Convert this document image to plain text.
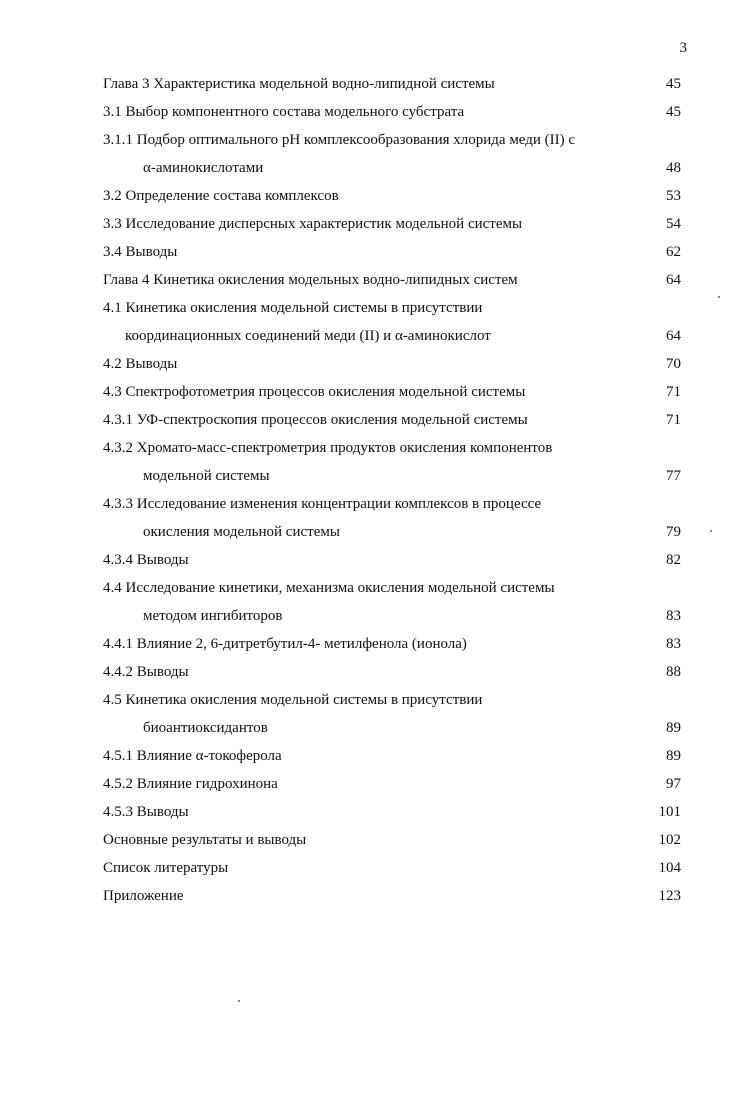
3
Глава 3 Характеристика модельной водно-липидной системы	45
3.1 Выбор компонентного состава модельного субстрата	45
3.1.1 Подбор оптимального pH комплексообразования хлорида меди (II) с
α-аминокислотами	48
3.2 Определение состава комплексов	53
3.3 Исследование дисперсных характеристик модельной системы	54
3.4 Выводы	62
Глава 4 Кинетика окисления модельных водно-липидных систем	64
4.1 Кинетика окисления модельной системы в присутствии
координационных соединений меди (II) и α-аминокислот	64
4.2 Выводы	70
4.3 Спектрофотометрия процессов окисления модельной системы	71
4.3.1 УФ-спектроскопия процессов окисления модельной системы	71
4.3.2 Хромато-масс-спектрометрия продуктов окисления компонентов
модельной системы	77
4.3.3 Исследование изменения концентрации комплексов в процессе
окисления модельной системы	79
4.3.4 Выводы	82
4.4 Исследование кинетики, механизма окисления модельной системы
методом ингибиторов	83
4.4.1 Влияние 2, 6-дитретбутил-4- метилфенола (ионола)	83
4.4.2 Выводы	88
4.5 Кинетика окисления модельной системы в присутствии
биоантиоксидантов	89
4.5.1 Влияние α-токоферола	89
4.5.2 Влияние гидрохинона	97
4.5.3 Выводы	101
Основные результаты и выводы	102
Список литературы	104
Приложение	123
